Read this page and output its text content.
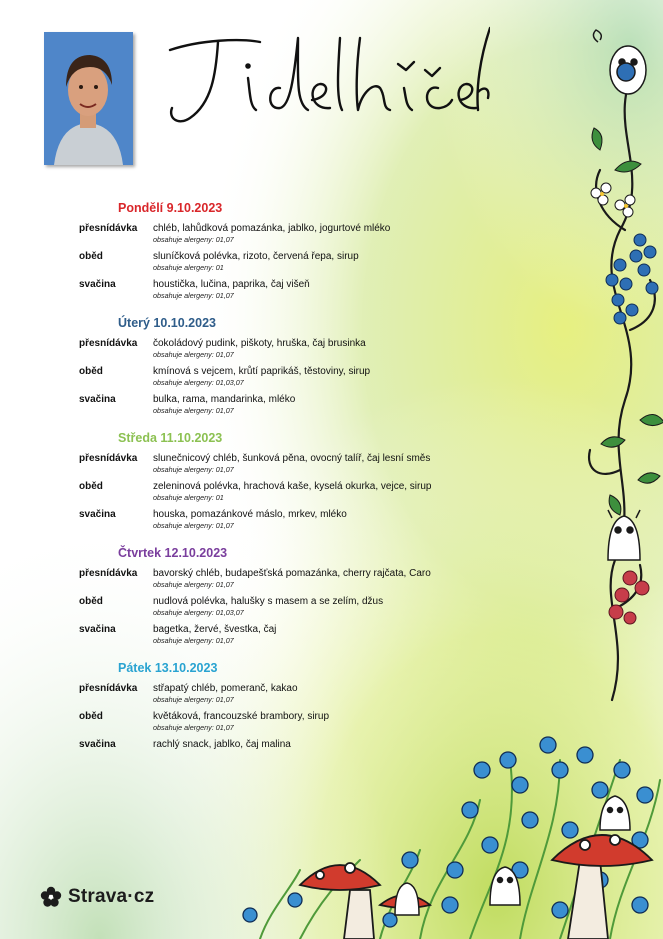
Pondělí 9.10.2023
přesnídávka chléb, lahůdková pomazánka, jablko, jogurtové mléko
obsahuje alergeny: 01,07
oběd	sluníčková polévka, rizoto, červená řepa, sirup
obsahuje alergeny: 01
svačina	houstička, lučina, paprika, čaj višeň
obsahuje alergeny: 01,07
Úterý 10.10.2023
přesnídávka čokoládový pudink, piškoty, hruška, čaj brusinka
obsahuje alergeny: 01,07
oběd	kmínová s vejcem, krůtí paprikáš, těstoviny, sirup
obsahuje alergeny: 01,03,07
svačina	bulka, rama, mandarinka, mléko
obsahuje alergeny: 01,07
Středa 11.10.2023
přesnídávka slunečnicový chléb, šunková pěna, ovocný talíř, čaj lesní směs
obsahuje alergeny: 01,07
oběd	zeleninová polévka, hrachová kaše, kyselá okurka, vejce, sirup
obsahuje alergeny: 01
svačina	houska, pomazánkové máslo, mrkev, mléko
obsahuje alergeny: 01,07
Čtvrtek 12.10.2023
přesnídávka bavorský chléb, budapešťská pomazánka, cherry rajčata, Caro
obsahuje alergeny: 01,07
oběd	nudlová polévka, halušky s masem a se zelím, džus
obsahuje alergeny: 01,03,07
svačina	bagetka, žervé, švestka, čaj
obsahuje alergeny: 01,07
Pátek 13.10.2023
přesnídávka střapatý chléb, pomeranč, kakao
obsahuje alergeny: 01,07
oběd	květáková, francouzské brambory, sirup
obsahuje alergeny: 01,07
svačina	rachlý snack, jablko, čaj malina
Strava·cz
